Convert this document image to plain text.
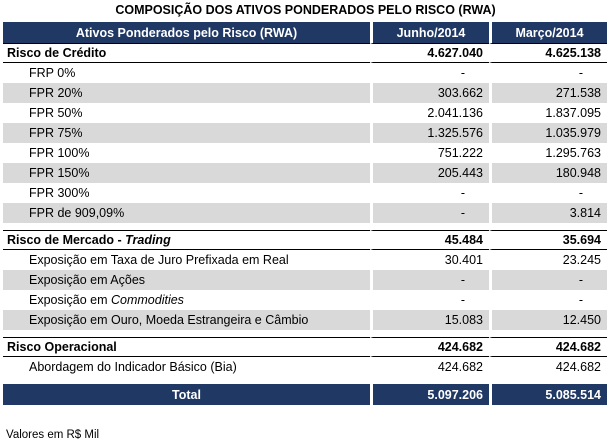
COMPOSIÇÃO DOS ATIVOS PONDERADOS PELO RISCO (RWA)
Ativos Ponderados pelo Risco (RWA)	Junho/2014	Março/2014
Risco de Crédito	4.627.040	4.625.138
FRP 0%	-	-
FPR 20%	303.662	271.538
FPR 50%	2.041.136	1.837.095
FPR 75%	1.325.576	1.035.979
FPR 100%	751.222	1.295.763
FPR 150%	205.443	180.948
FPR 300%	-	-
FPR de 909,09%	-	3.814

Risco de Mercado - Trading	45.484	35.694
Exposição em Taxa de Juro Prefixada em Real	30.401	23.245
Exposição em Ações	-	-
Exposição em Commodities	-	-
Exposição em Ouro, Moeda Estrangeira e Câmbio	15.083	12.450

Risco Operacional	424.682	424.682
Abordagem do Indicador Básico (Bia)	424.682	424.682

Total	5.097.206	5.085.514
Valores em R$ Mil
